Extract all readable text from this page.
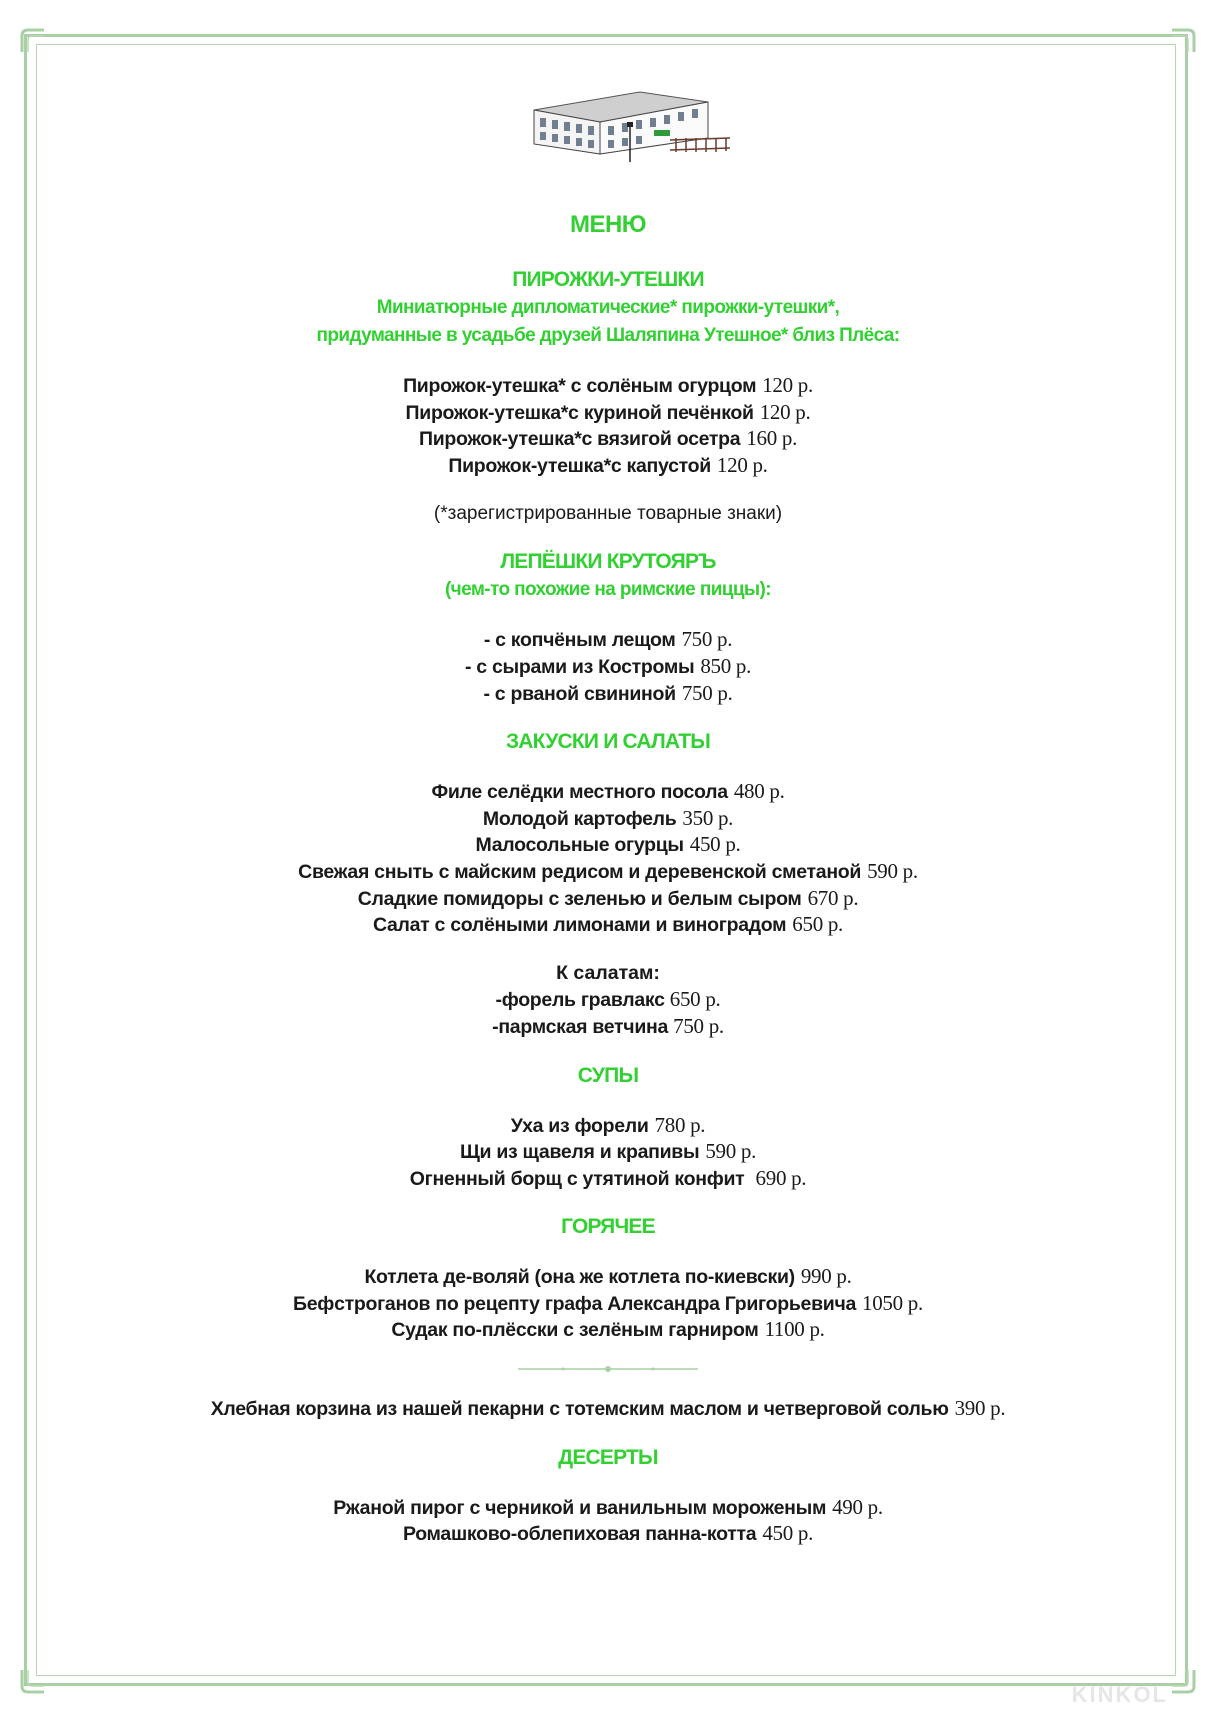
МЕНЮ
ПИРОЖКИ-УТЕШКИ
Миниатюрные дипломатические* пирожки-утешки*,
придуманные в усадьбе друзей Шаляпина Утешное* близ Плёса:
Пирожок-утешка* с солёным огурцом 120 р.
Пирожок-утешка*с куриной печёнкой 120 р.
Пирожок-утешка*с вязигой осетра 160 р.
Пирожок-утешка*с капустой 120 р.
(*зарегистрированные товарные знаки)
ЛЕПЁШКИ КРУТОЯРЪ
(чем-то похожие на римские пиццы):
- с копчёным лещом 750 р.
- с сырами из Костромы 850 р.
- с рваной свининой 750 р.
ЗАКУСКИ И САЛАТЫ
Филе селёдки местного посола 480 р.
Молодой картофель 350 р.
Малосольные огурцы 450 р.
Свежая сныть с майским редисом и деревенской сметаной 590 р.
Сладкие помидоры с зеленью и белым сыром 670 р.
Салат с солёными лимонами и виноградом 650 р.
К салатам:
-форель гравлакс 650 р.
-пармская ветчина 750 р.
СУПЫ
Уха из форели 780 р.
Щи из щавеля и крапивы 590 р.
Огненный борщ с утятиной конфит 690 р.
ГОРЯЧЕЕ
Котлета де-воляй (она же котлета по-киевски) 990 р.
Бефстроганов по рецепту графа Александра Григорьевича 1050 р.
Судак по-плёсски с зелёным гарниром 1100 р.
Хлебная корзина из нашей пекарни с тотемским маслом и четверговой солью 390 р.
ДЕСЕРТЫ
Ржаной пирог с черникой и ванильным мороженым 490 р.
Ромашково-облепиховая панна-котта 450 р.
KINKOL
